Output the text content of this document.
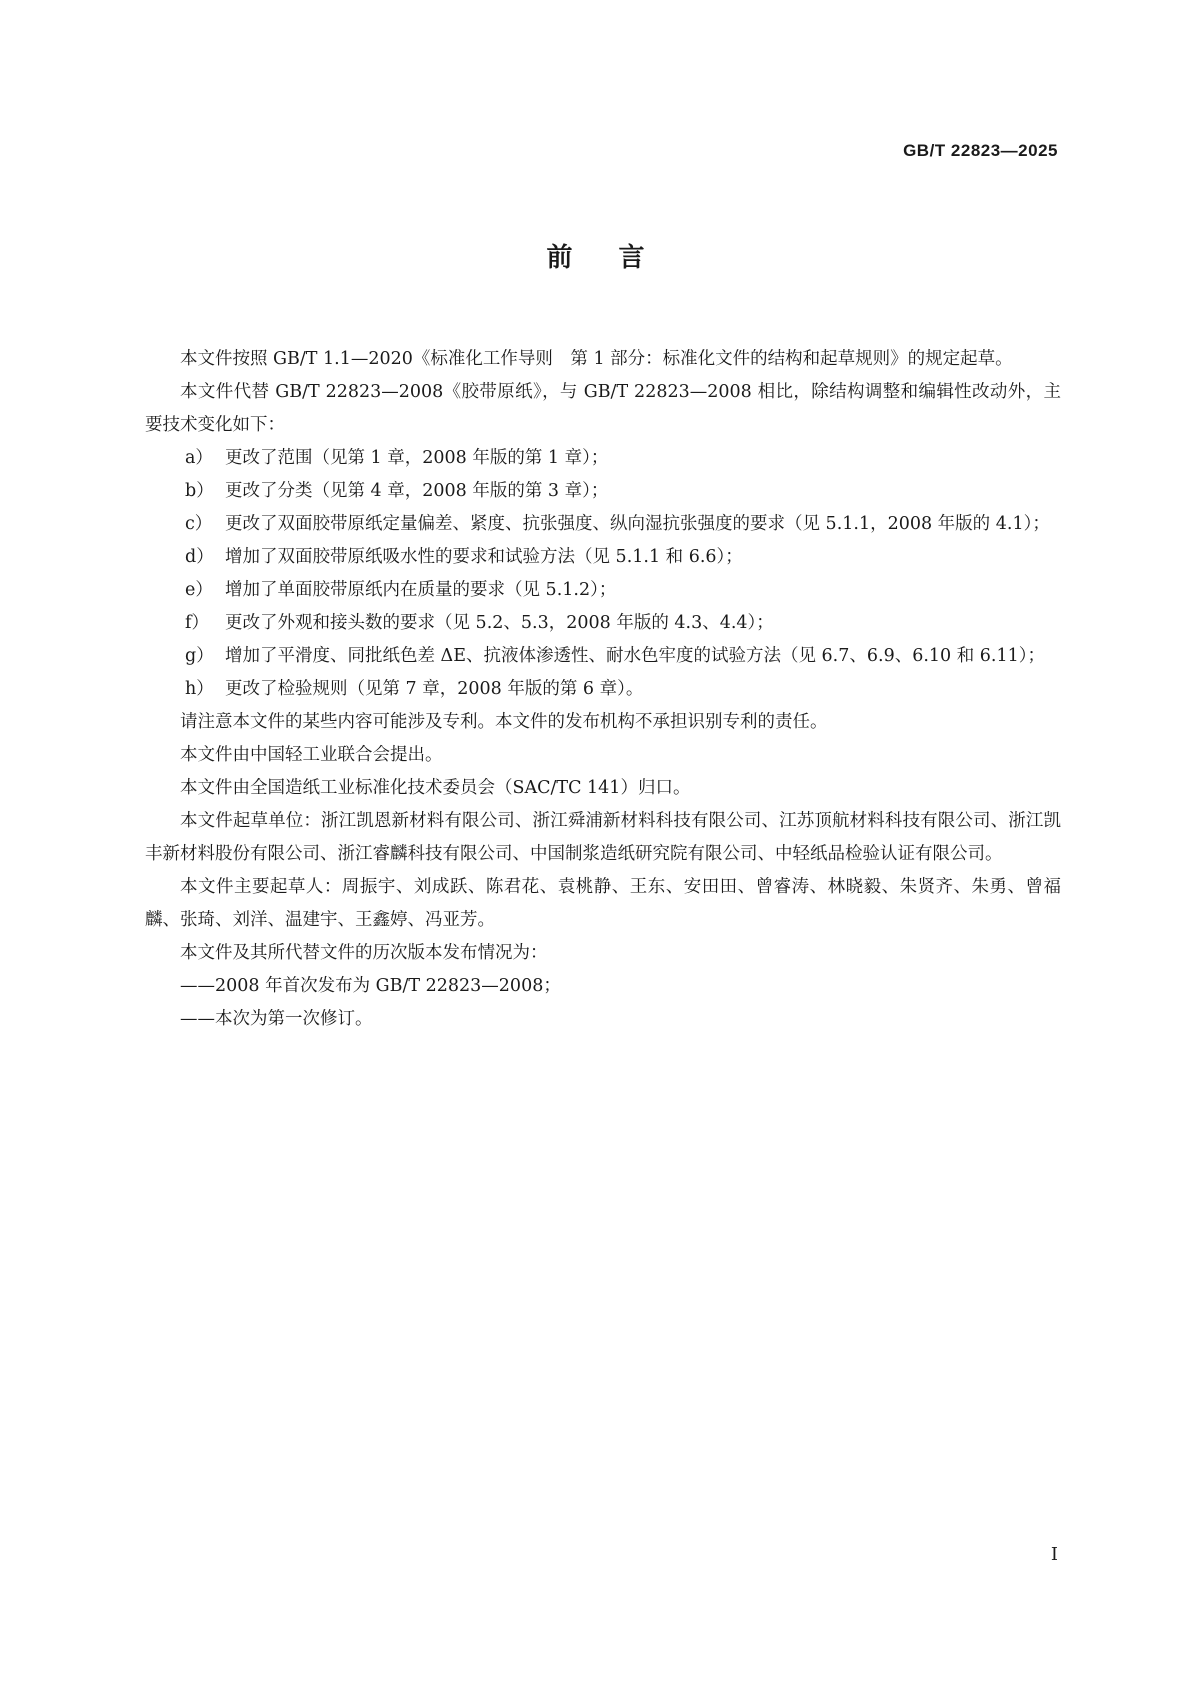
GB/T 22823—2025

前言

本文件按照 GB/T 1.1—2020《标准化工作导则　第 1 部分：标准化文件的结构和起草规则》的规定起草。

本文件代替 GB/T 22823—2008《胶带原纸》，与 GB/T 22823—2008 相比，除结构调整和编辑性改动外，主要技术变化如下：

a） 更改了范围（见第 1 章，2008 年版的第 1 章）；
b） 更改了分类（见第 4 章，2008 年版的第 3 章）；
c） 更改了双面胶带原纸定量偏差、紧度、抗张强度、纵向湿抗张强度的要求（见 5.1.1，2008 年版的 4.1）；
d） 增加了双面胶带原纸吸水性的要求和试验方法（见 5.1.1 和 6.6）；
e） 增加了单面胶带原纸内在质量的要求（见 5.1.2）；
f） 更改了外观和接头数的要求（见 5.2、5.3，2008 年版的 4.3、4.4）；
g） 增加了平滑度、同批纸色差 ΔE、抗液体渗透性、耐水色牢度的试验方法（见 6.7、6.9、6.10 和 6.11）；
h） 更改了检验规则（见第 7 章，2008 年版的第 6 章）。

请注意本文件的某些内容可能涉及专利。本文件的发布机构不承担识别专利的责任。

本文件由中国轻工业联合会提出。

本文件由全国造纸工业标准化技术委员会（SAC/TC 141）归口。

本文件起草单位：浙江凯恩新材料有限公司、浙江舜浦新材料科技有限公司、江苏顶航材料科技有限公司、浙江凯丰新材料股份有限公司、浙江睿麟科技有限公司、中国制浆造纸研究院有限公司、中轻纸品检验认证有限公司。

本文件主要起草人：周振宇、刘成跃、陈君花、袁桃静、王东、安田田、曾睿涛、林晓毅、朱贤齐、朱勇、曾福麟、张琦、刘洋、温建宇、王鑫婷、冯亚芳。

本文件及其所代替文件的历次版本发布情况为：

——2008 年首次发布为 GB/T 22823—2008；

——本次为第一次修订。

I
